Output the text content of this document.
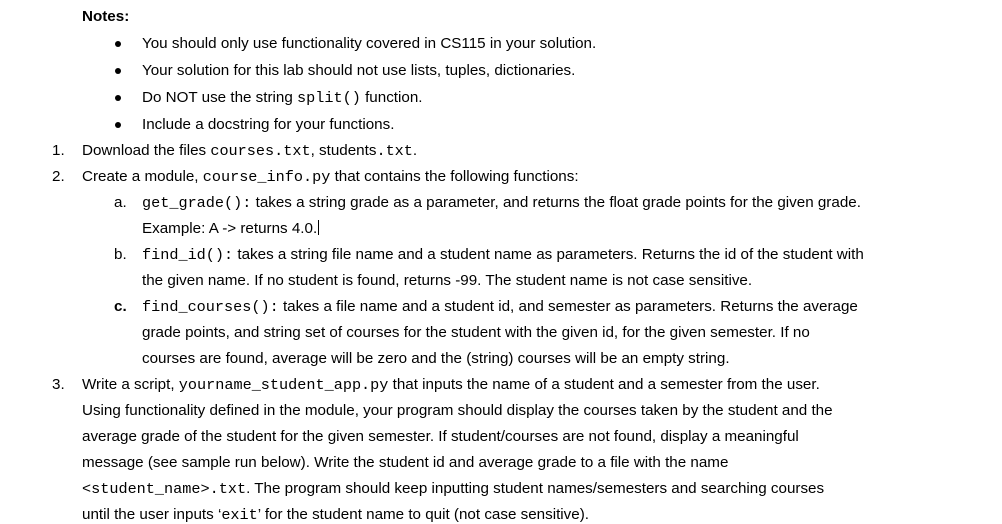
Notes:
You should only use functionality covered in CS115 in your solution.
Your solution for this lab should not use lists, tuples, dictionaries.
Do NOT use the string split() function.
Include a docstring for your functions.
1. Download the files courses.txt, students.txt.
2. Create a module, course_info.py that contains the following functions:
a. get_grade(): takes a string grade as a parameter, and returns the float grade points for the given grade.
Example: A -> returns 4.0.
b. find_id(): takes a string file name and a student name as parameters. Returns the id of the student with
the given name. If no student is found, returns -99. The student name is not case sensitive.
c. find_courses(): takes a file name and a student id, and semester as parameters. Returns the average
grade points, and string set of courses for the student with the given id, for the given semester. If no
courses are found, average will be zero and the (string) courses will be an empty string.
3. Write a script, yourname_student_app.py that inputs the name of a student and a semester from the user.
Using functionality defined in the module, your program should display the courses taken by the student and the
average grade of the student for the given semester. If student/courses are not found, display a meaningful
message (see sample run below). Write the student id and average grade to a file with the name
<student_name>.txt. The program should keep inputting student names/semesters and searching courses
until the user inputs ‘exit’ for the student name to quit (not case sensitive).
